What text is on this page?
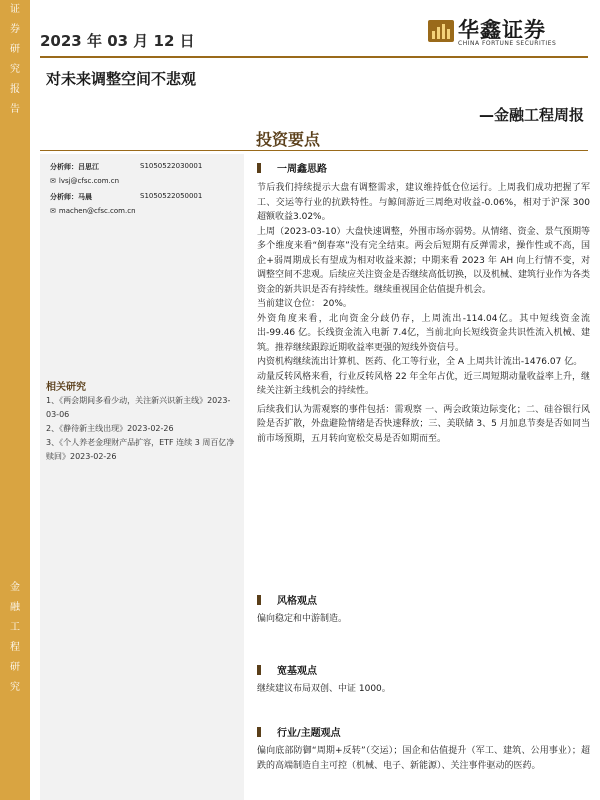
证
券
研
究
报
告
金
融
工
程
研
究
2023 年 03 月 12 日	华鑫证券
CHINA FORTUNE SECURITIES
对未来调整空间不悲观
—金融工程周报
投资要点
分析师：吕思江	S1050522030001
✉ lvsj@cfsc.com.cn
分析师：马晨	S1050522050001
✉ machen@cfsc.com.cn
相关研究
1、《两会期间多看少动，关注新兴识新主线》2023-03-06
2、《静待新主线出现》2023-02-26
3、《个人养老金理财产品扩容，ETF 连续 3 周百亿净赎回》2023-02-26
一周鑫思路

节后我们持续提示大盘有调整需求，建议维持低仓位运行。上周我们成功把握了军工、交运等行业的抗跌特性。与鲸间游近三周绝对收益-0.06%，相对于沪深 300 超额收益3.02%。

上周（2023-03-10）大盘快速调整，外围市场亦弱势。从情绪、资金、景气预期等多个维度来看“倒春寒”没有完全结束。两会后短期有反弹需求，操作性或不高，国企+弱周期成长有望成为相对收益来源；中期来看 2023 年 AH 向上行情不变，对调整空间不悲观。后续应关注资金是否继续高低切换，以及机械、建筑行业作为各类资金的新共识是否有持续性。继续重视国企估值提升机会。

当前建议仓位： 20%。

外资角度来看，北向资金分歧仍存，上周流出-114.04亿。其中短线资金流出-99.46 亿。长线资金流入电新 7.4亿，当前北向长短线资金共识性流入机械、建筑。推荐继续跟踪近期收益率更强的短线外资信号。

内资机构继续流出计算机、医药、化工等行业，全 A 上周共计流出-1476.07 亿。

动量反转风格来看，行业反转风格 22 年全年占优，近三周短期动量收益率上升，继续关注新主线机会的持续性。

后续我们认为需观察的事件包括：需观察 一、两会政策边际变化；二、硅谷银行风险是否扩散，外盘避险情绪是否快速释放；三、美联储 3、5 月加息节奏是否如同当前市场预期，五月转向宽松交易是否如期而至。

风格观点

偏向稳定和中游制造。

宽基观点

继续建议布局双创、中证 1000。

行业/主题观点

偏向底部防御“周期+反转”（交运）；国企和估值提升（军工、建筑、公用事业）；超跌的高端制造自主可控（机械、电子、新能源）、关注事件驱动的医药。
